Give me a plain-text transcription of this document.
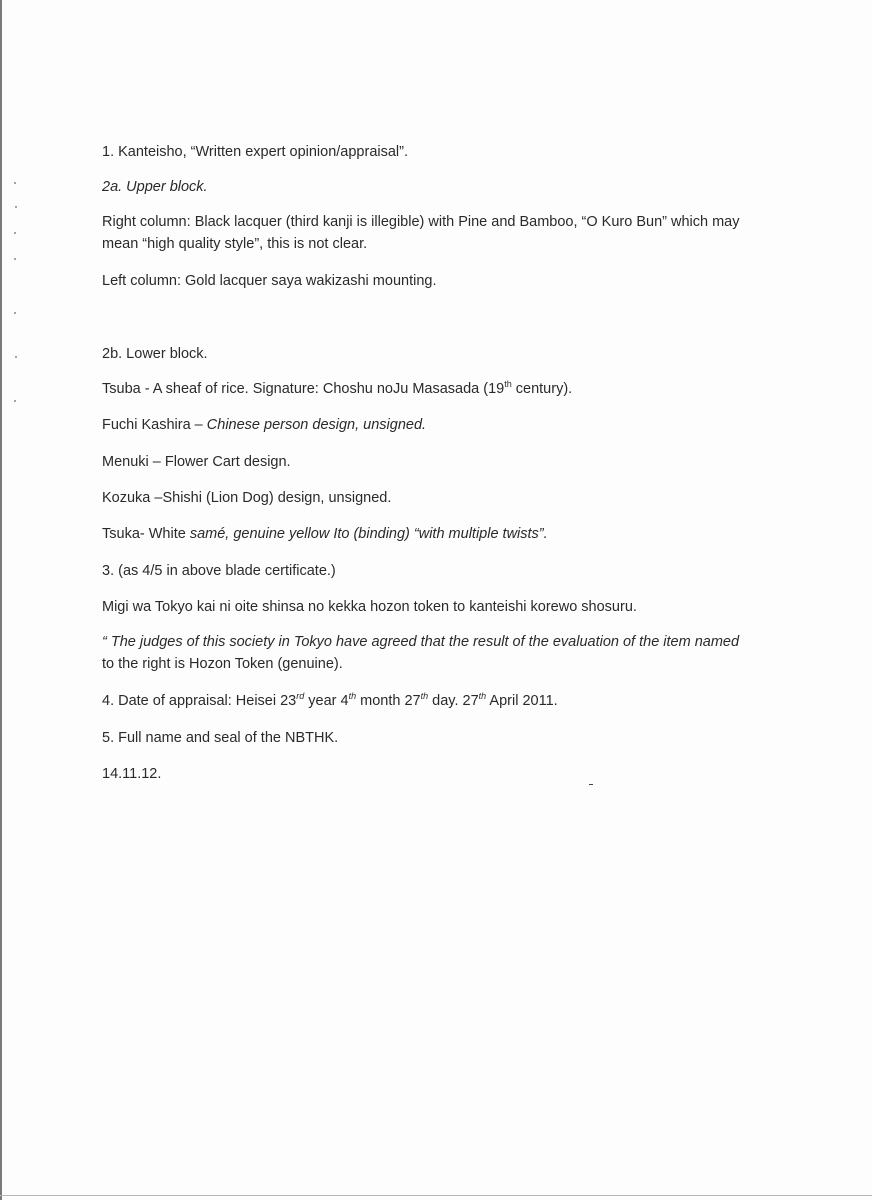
1. Kanteisho, “Written expert opinion/appraisal”.

2a. Upper block.

Right column: Black lacquer (third kanji is illegible) with Pine and Bamboo, “O Kuro Bun” which may mean “high quality style”, this is not clear.

Left column: Gold lacquer saya wakizashi mounting.

2b. Lower block.

Tsuba - A sheaf of rice. Signature: Choshu noJu Masasada (19th century).

Fuchi Kashira – Chinese person design, unsigned.

Menuki – Flower Cart design.

Kozuka –Shishi (Lion Dog) design, unsigned.

Tsuka- White samé, genuine yellow Ito (binding) “with multiple twists”.

3. (as 4/5 in above blade certificate.)

Migi wa Tokyo kai ni oite shinsa no kekka hozon token to kanteishi korewo shosuru.

“ The judges of this society in Tokyo have agreed that the result of the evaluation of the item named
to the right is Hozon Token (genuine).

4. Date of appraisal: Heisei 23rd year 4th month 27th day. 27th April 2011.

5. Full name and seal of the NBTHK.

14.11.12.
